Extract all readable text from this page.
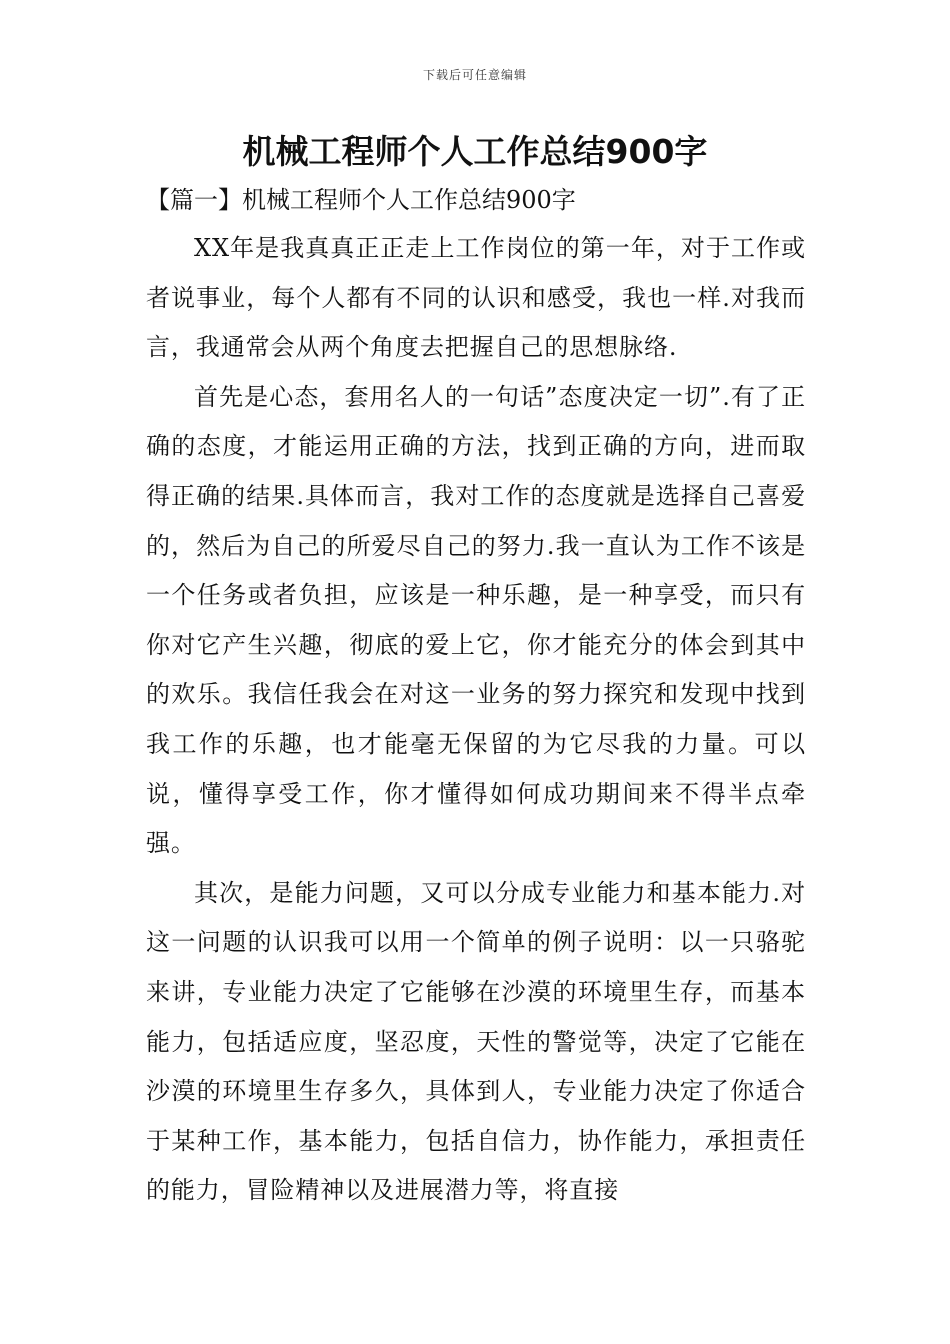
下载后可任意编辑
机械工程师个人工作总结900字

【篇一】机械工程师个人工作总结900字

XX年是我真真正正走上工作岗位的第一年，对于工作或者说事业，每个人都有不同的认识和感受，我也一样.对我而言，我通常会从两个角度去把握自己的思想脉络.

首先是心态，套用名人的一句话”态度决定一切”.有了正确的态度，才能运用正确的方法，找到正确的方向，进而取得正确的结果.具体而言，我对工作的态度就是选择自己喜爱的，然后为自己的所爱尽自己的努力.我一直认为工作不该是一个任务或者负担，应该是一种乐趣，是一种享受，而只有你对它产生兴趣，彻底的爱上它，你才能充分的体会到其中的欢乐。我信任我会在对这一业务的努力探究和发现中找到我工作的乐趣，也才能毫无保留的为它尽我的力量。可以说，懂得享受工作，你才懂得如何成功期间来不得半点牵强。

其次，是能力问题，又可以分成专业能力和基本能力.对这一问题的认识我可以用一个简单的例子说明：以一只骆驼来讲，专业能力决定了它能够在沙漠的环境里生存，而基本能力，包括适应度，坚忍度，天性的警觉等，决定了它能在沙漠的环境里生存多久，具体到人，专业能力决定了你适合于某种工作，基本能力，包括自信力，协作能力，承担责任的能力，冒险精神以及进展潜力等，将直接
